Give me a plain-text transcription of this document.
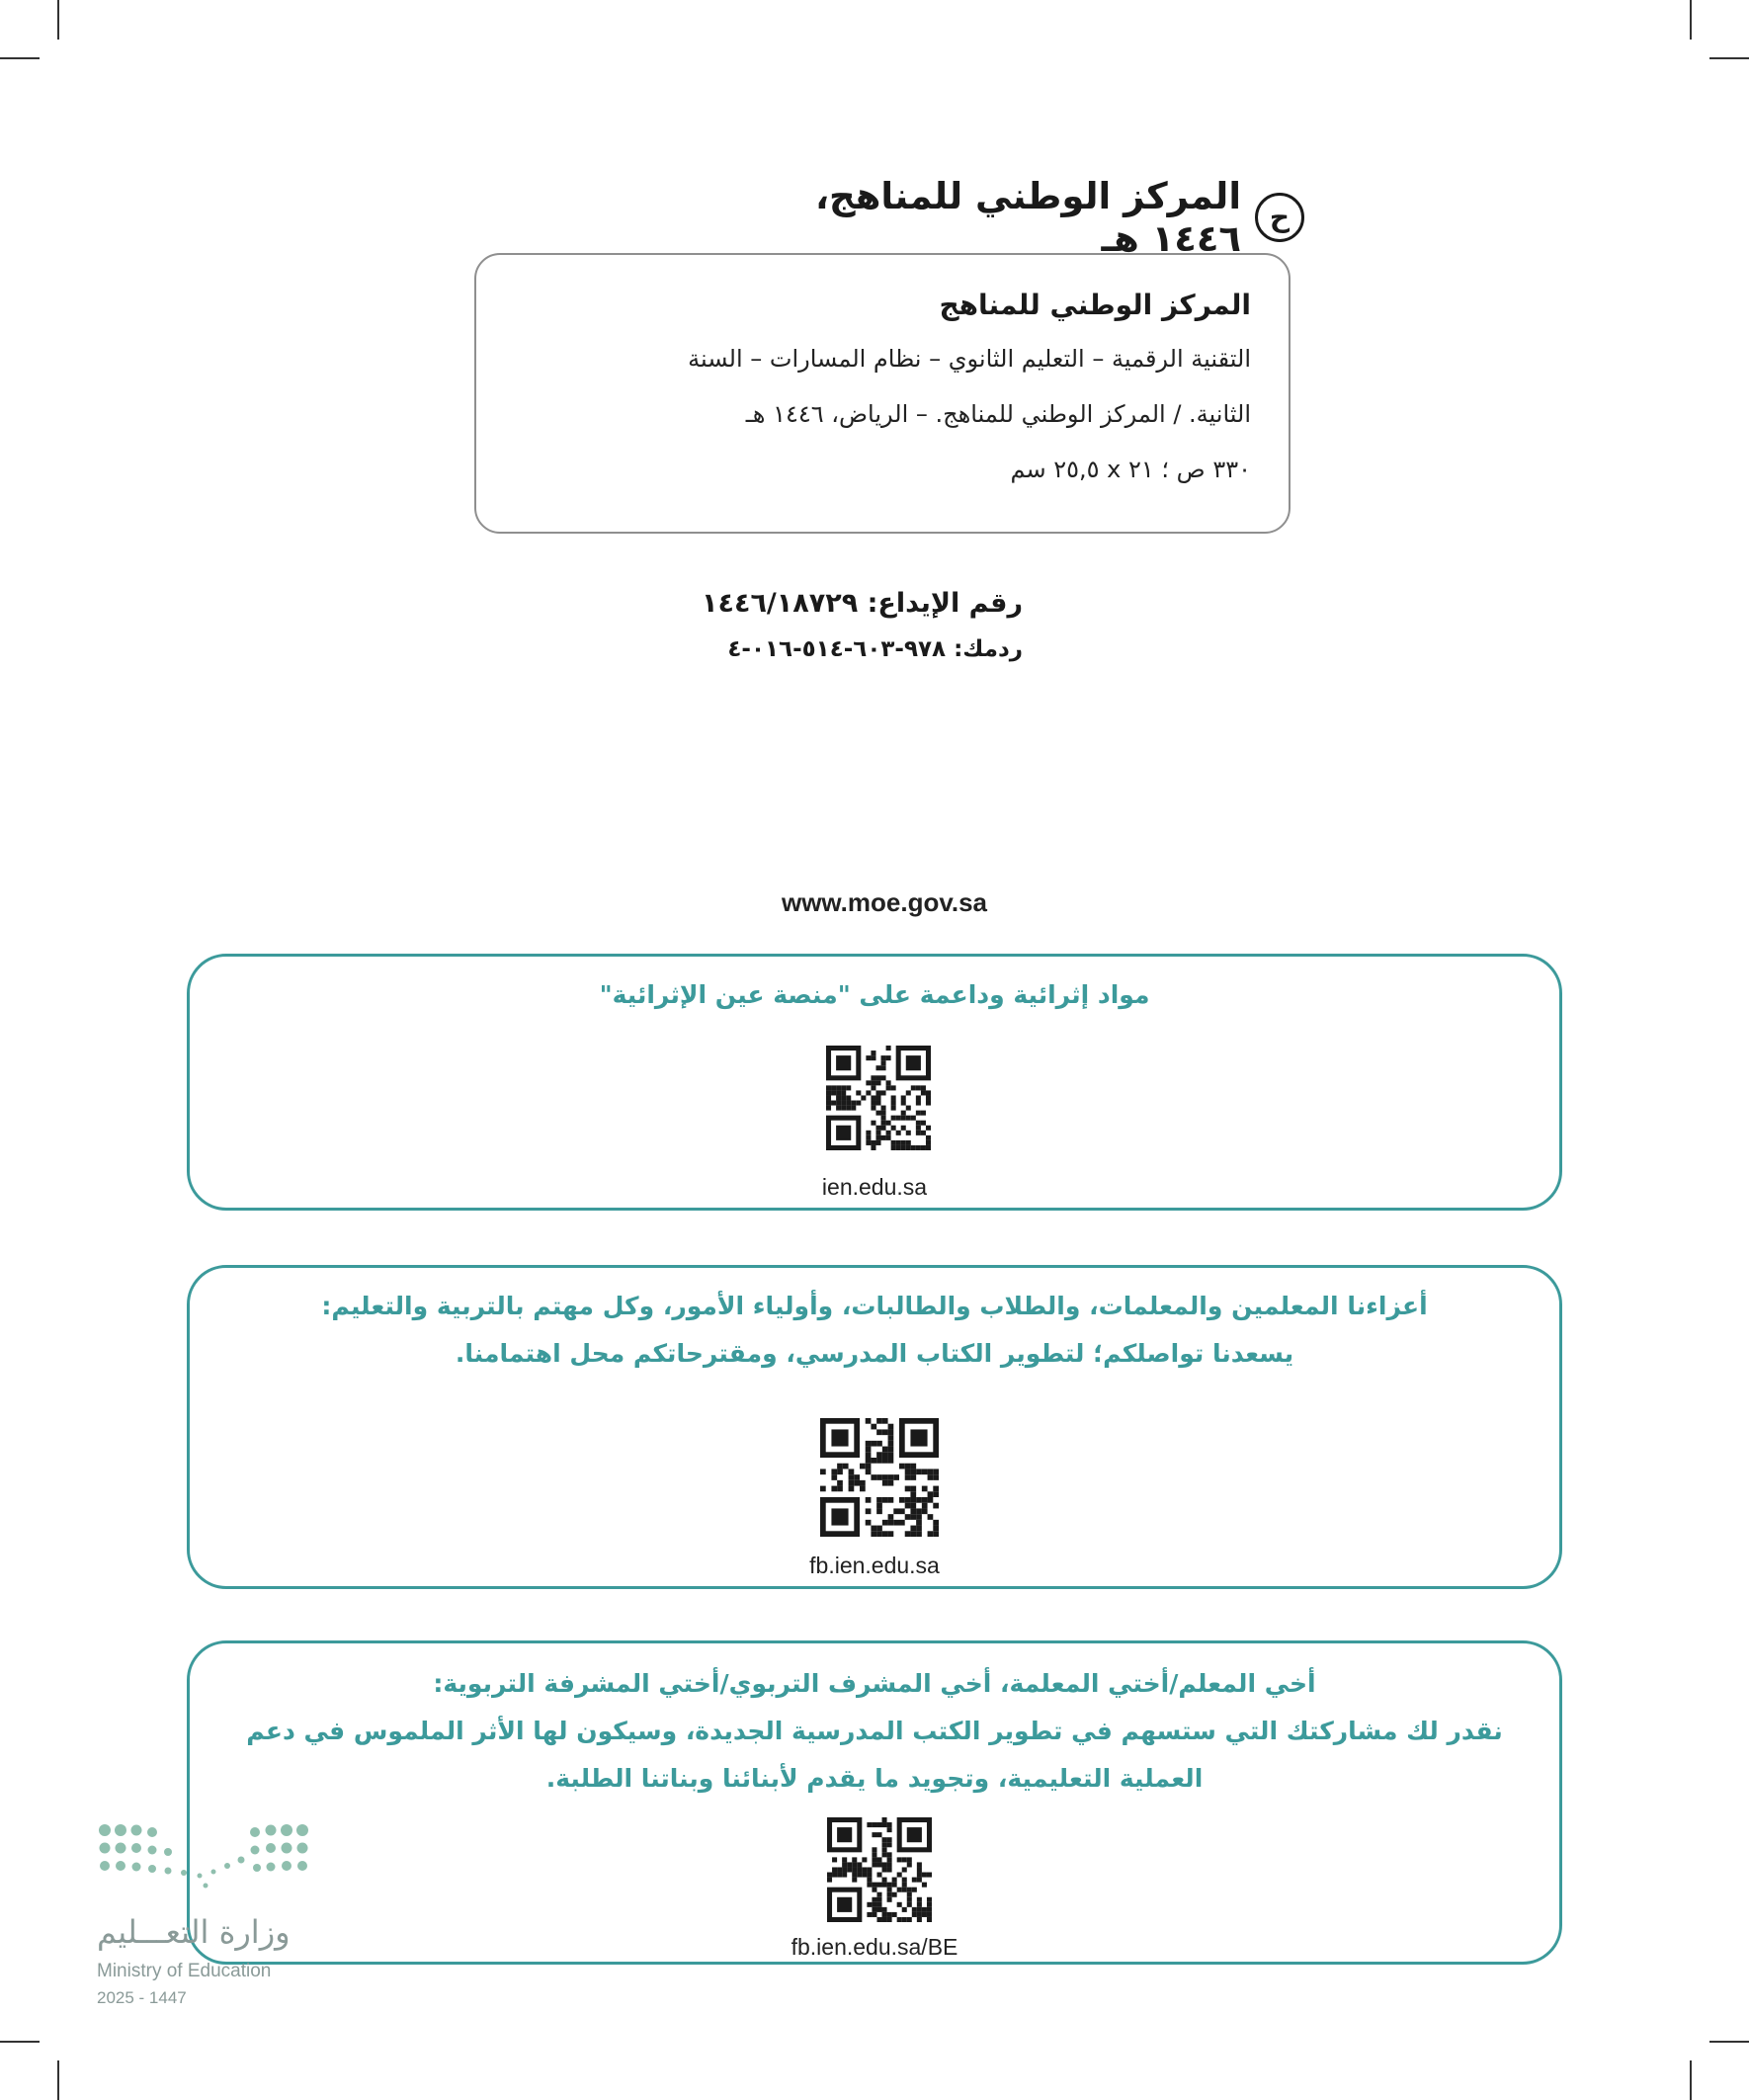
ح
المركز الوطني للمناهج، ١٤٤٦ هـ
المركز الوطني للمناهج
التقنية الرقمية – التعليم الثانوي – نظام المسارات – السنة
الثانية. / المركز الوطني للمناهج. – الرياض، ١٤٤٦ هـ
٣٣٠ ص ؛ ٢١ x ٢٥,٥ سم
رقم الإيداع: ١٤٤٦/١٨٧٢٩
ردمك: ٩٧٨-٦٠٣-٥١٤-٠١٦-٤
www.moe.gov.sa
مواد إثرائية وداعمة على "منصة عين الإثرائية"
ien.edu.sa
أعزاءنا المعلمين والمعلمات، والطلاب والطالبات، وأولياء الأمور، وكل مهتم بالتربية والتعليم:
يسعدنا تواصلكم؛ لتطوير الكتاب المدرسي، ومقترحاتكم محل اهتمامنا.
fb.ien.edu.sa
أخي المعلم/أختي المعلمة، أخي المشرف التربوي/أختي المشرفة التربوية:
نقدر لك مشاركتك التي ستسهم في تطوير الكتب المدرسية الجديدة، وسيكون لها الأثر الملموس في دعم
العملية التعليمية، وتجويد ما يقدم لأبنائنا وبناتنا الطلبة.
fb.ien.edu.sa/BE
وزارة التعـــليم
Ministry of Education
2025 - 1447
